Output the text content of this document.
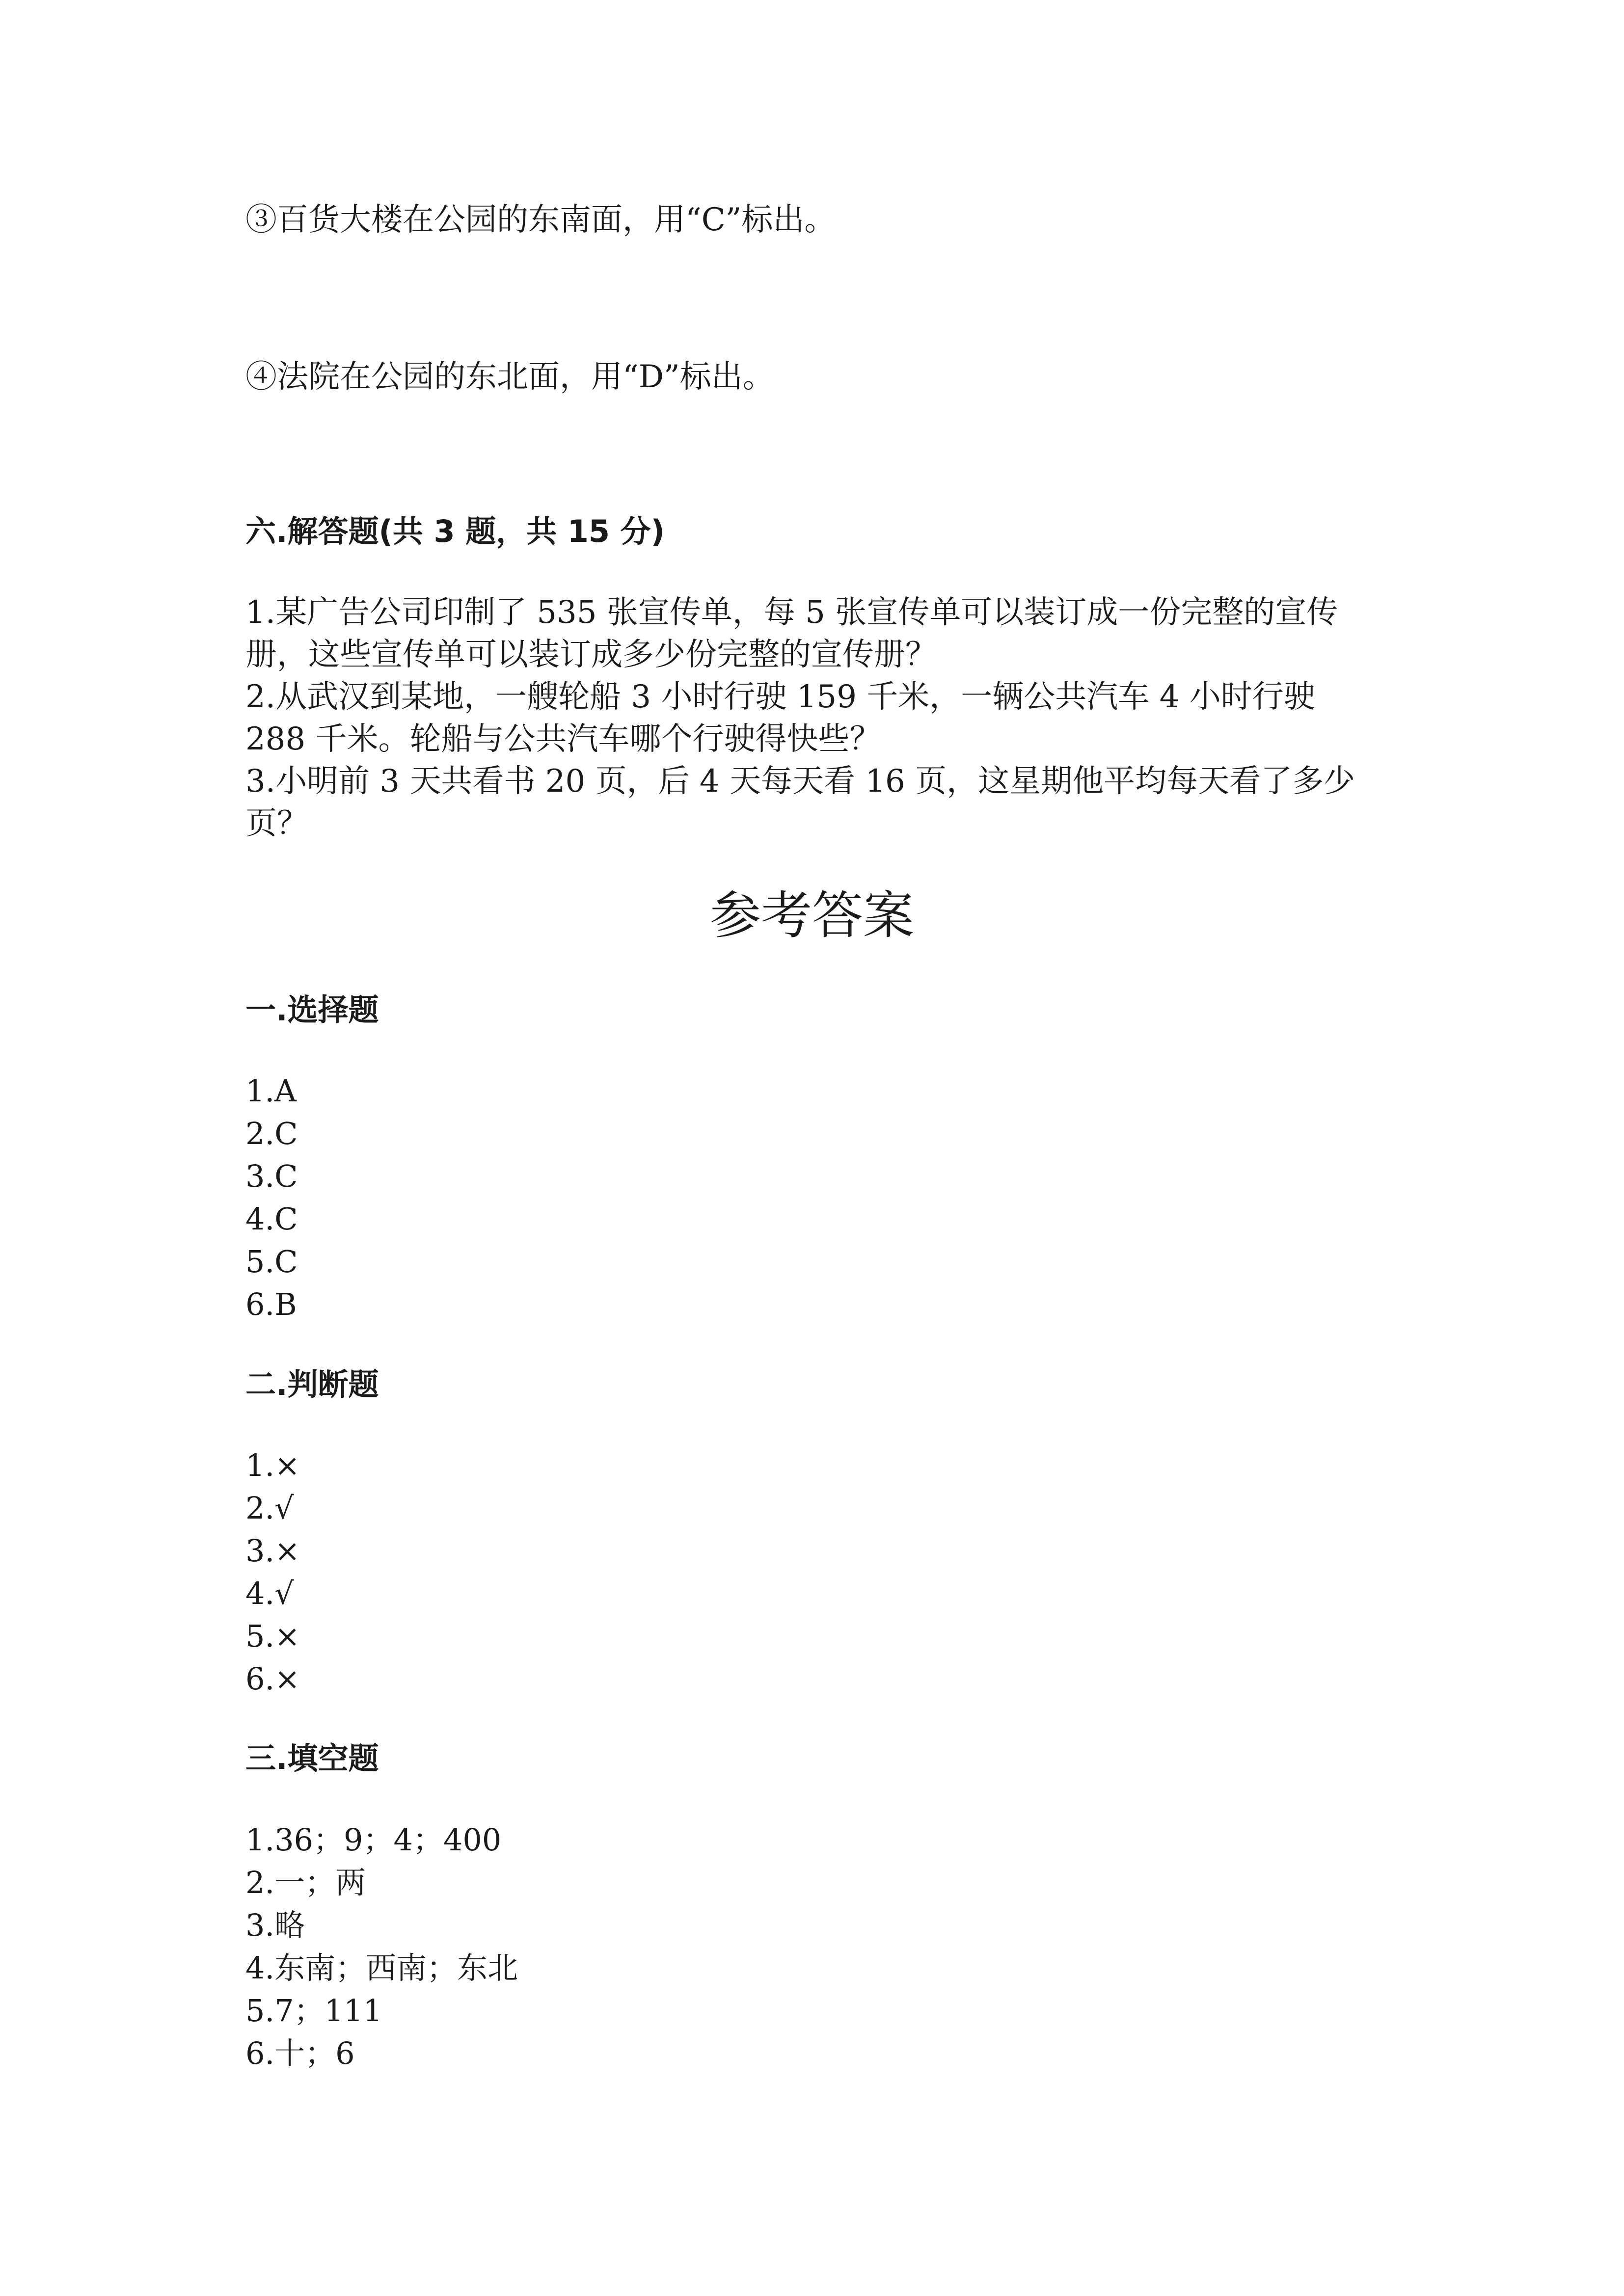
③百货大楼在公园的东南面，用“C”标出。
④法院在公园的东北面，用“D”标出。
六.解答题(共 3 题，共 15 分)
1.某广告公司印制了 535 张宣传单，每 5 张宣传单可以装订成一份完整的宣传
册，这些宣传单可以装订成多少份完整的宣传册？
2.从武汉到某地，一艘轮船 3 小时行驶 159 千米，一辆公共汽车 4 小时行驶
288 千米。轮船与公共汽车哪个行驶得快些？
3.小明前 3 天共看书 20 页，后 4 天每天看 16 页，这星期他平均每天看了多少
页？
参考答案
一.选择题
1.A
2.C
3.C
4.C
5.C
6.B
二.判断题
1.×
2.√
3.×
4.√
5.×
6.×
三.填空题
1.36；9；4；400
2.一；两
3.略
4.东南；西南；东北
5.7；111
6.十；6
